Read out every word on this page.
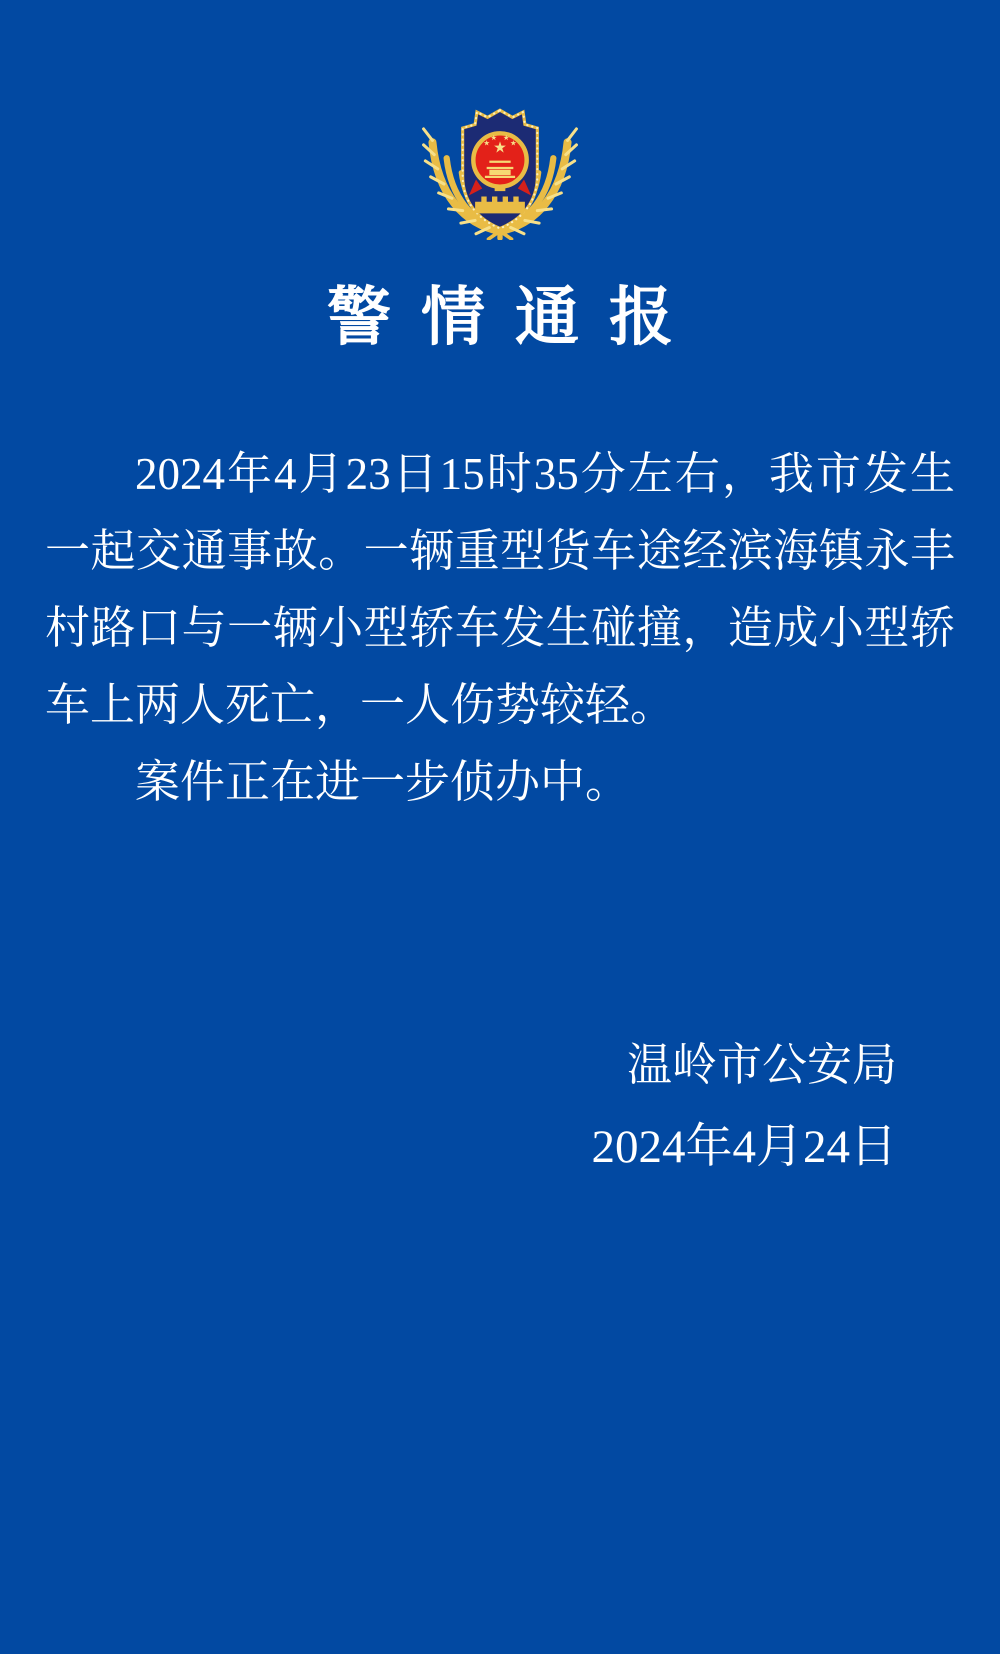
警情通报

2024年4月23日15时35分左右，我市发生一起交通事故。一辆重型货车途经滨海镇永丰村路口与一辆小型轿车发生碰撞，造成小型轿车上两人死亡，一人伤势较轻。

案件正在进一步侦办中。

温岭市公安局
2024年4月24日
